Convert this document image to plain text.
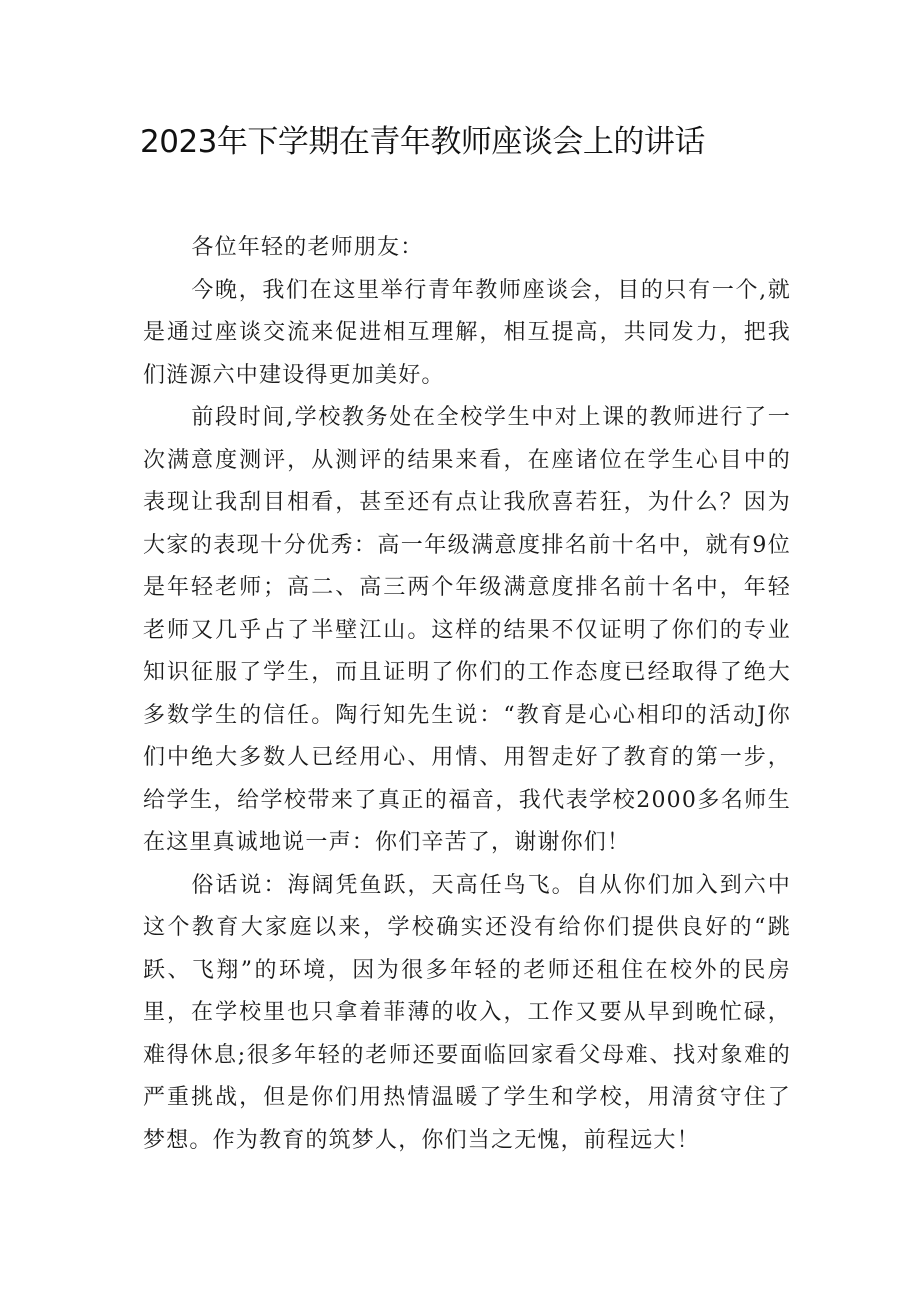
2023年下学期在青年教师座谈会上的讲话

各位年轻的老师朋友：

今晚，我们在这里举行青年教师座谈会，目的只有一个,就是通过座谈交流来促进相互理解，相互提高，共同发力，把我们涟源六中建设得更加美好。

前段时间,学校教务处在全校学生中对上课的教师进行了一次满意度测评，从测评的结果来看，在座诸位在学生心目中的表现让我刮目相看，甚至还有点让我欣喜若狂，为什么？因为大家的表现十分优秀：高一年级满意度排名前十名中，就有9位是年轻老师；高二、高三两个年级满意度排名前十名中，年轻老师又几乎占了半壁江山。这样的结果不仅证明了你们的专业知识征服了学生，而且证明了你们的工作态度已经取得了绝大多数学生的信任。陶行知先生说：“教育是心心相印的活动J你们中绝大多数人已经用心、用情、用智走好了教育的第一步，给学生，给学校带来了真正的福音，我代表学校2000多名师生在这里真诚地说一声：你们辛苦了，谢谢你们！

俗话说：海阔凭鱼跃，天高任鸟飞。自从你们加入到六中这个教育大家庭以来，学校确实还没有给你们提供良好的“跳跃、飞翔”的环境，因为很多年轻的老师还租住在校外的民房里，在学校里也只拿着菲薄的收入，工作又要从早到晚忙碌，难得休息;很多年轻的老师还要面临回家看父母难、找对象难的严重挑战，但是你们用热情温暖了学生和学校，用清贫守住了梦想。作为教育的筑梦人，你们当之无愧，前程远大！
